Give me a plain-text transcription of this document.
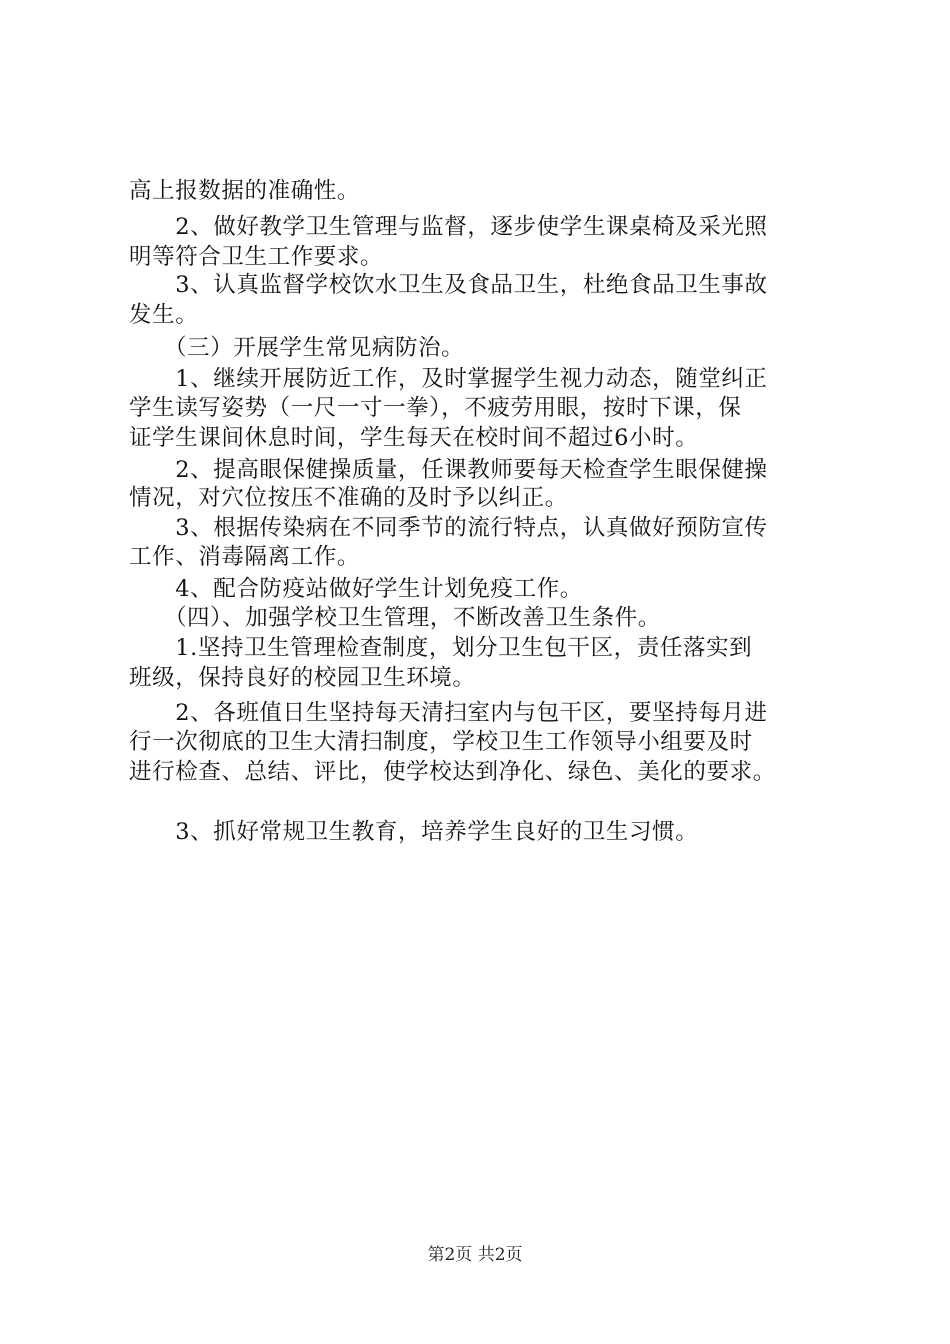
高上报数据的准确性。
　　2、做好教学卫生管理与监督，逐步使学生课桌椅及采光照
明等符合卫生工作要求。
　　3、认真监督学校饮水卫生及食品卫生，杜绝食品卫生事故
发生。
　　（三）开展学生常见病防治。
　　1、继续开展防近工作，及时掌握学生视力动态，随堂纠正
学生读写姿势（一尺一寸一拳），不疲劳用眼，按时下课，保
证学生课间休息时间，学生每天在校时间不超过6小时。
　　2、提高眼保健操质量，任课教师要每天检查学生眼保健操
情况，对穴位按压不准确的及时予以纠正。
　　3、根据传染病在不同季节的流行特点，认真做好预防宣传
工作、消毒隔离工作。
　　4、配合防疫站做好学生计划免疫工作。
　　（四）、加强学校卫生管理，不断改善卫生条件。
　　1.坚持卫生管理检查制度，划分卫生包干区，责任落实到
班级，保持良好的校园卫生环境。
　　2、各班值日生坚持每天清扫室内与包干区，要坚持每月进
行一次彻底的卫生大清扫制度，学校卫生工作领导小组要及时
进行检查、总结、评比，使学校达到净化、绿色、美化的要求。
　　3、抓好常规卫生教育，培养学生良好的卫生习惯。
第2页 共2页
